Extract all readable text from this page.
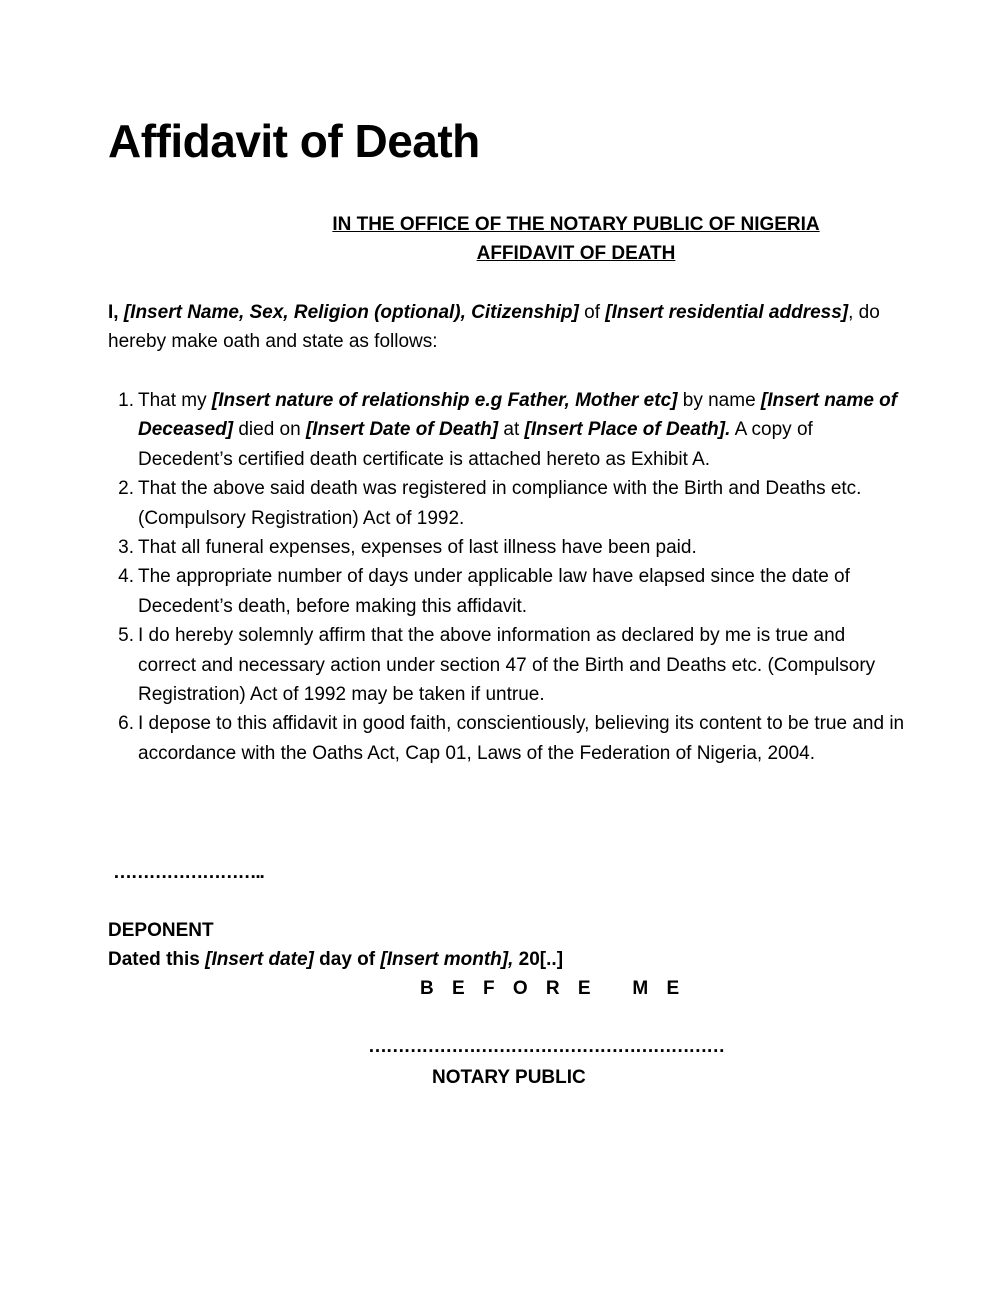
Affidavit of Death
IN THE OFFICE OF THE NOTARY PUBLIC OF NIGERIA
AFFIDAVIT OF DEATH
I, [Insert Name, Sex, Religion (optional), Citizenship] of [Insert residential address], do hereby make oath and state as follows:
1. That my [Insert nature of relationship e.g Father, Mother etc] by name [Insert name of Deceased] died on [Insert Date of Death] at [Insert Place of Death]. A copy of Decedent’s certified death certificate is attached hereto as Exhibit A.
2. That the above said death was registered in compliance with the Birth and Deaths etc. (Compulsory Registration) Act of 1992.
3. That all funeral expenses, expenses of last illness have been paid.
4. The appropriate number of days under applicable law have elapsed since the date of Decedent’s death, before making this affidavit.
5. I do hereby solemnly affirm that the above information as declared by me is true and correct and necessary action under section 47 of the Birth and Deaths etc. (Compulsory Registration) Act of 1992 may be taken if untrue.
6. I depose to this affidavit in good faith, conscientiously, believing its content to be true and in accordance with the Oaths Act, Cap 01, Laws of the Federation of Nigeria, 2004.
……………………..
DEPONENT
Dated this [Insert date] day of [Insert month], 20[..]
B E F O R E   M E
……………………………………………………
NOTARY PUBLIC
